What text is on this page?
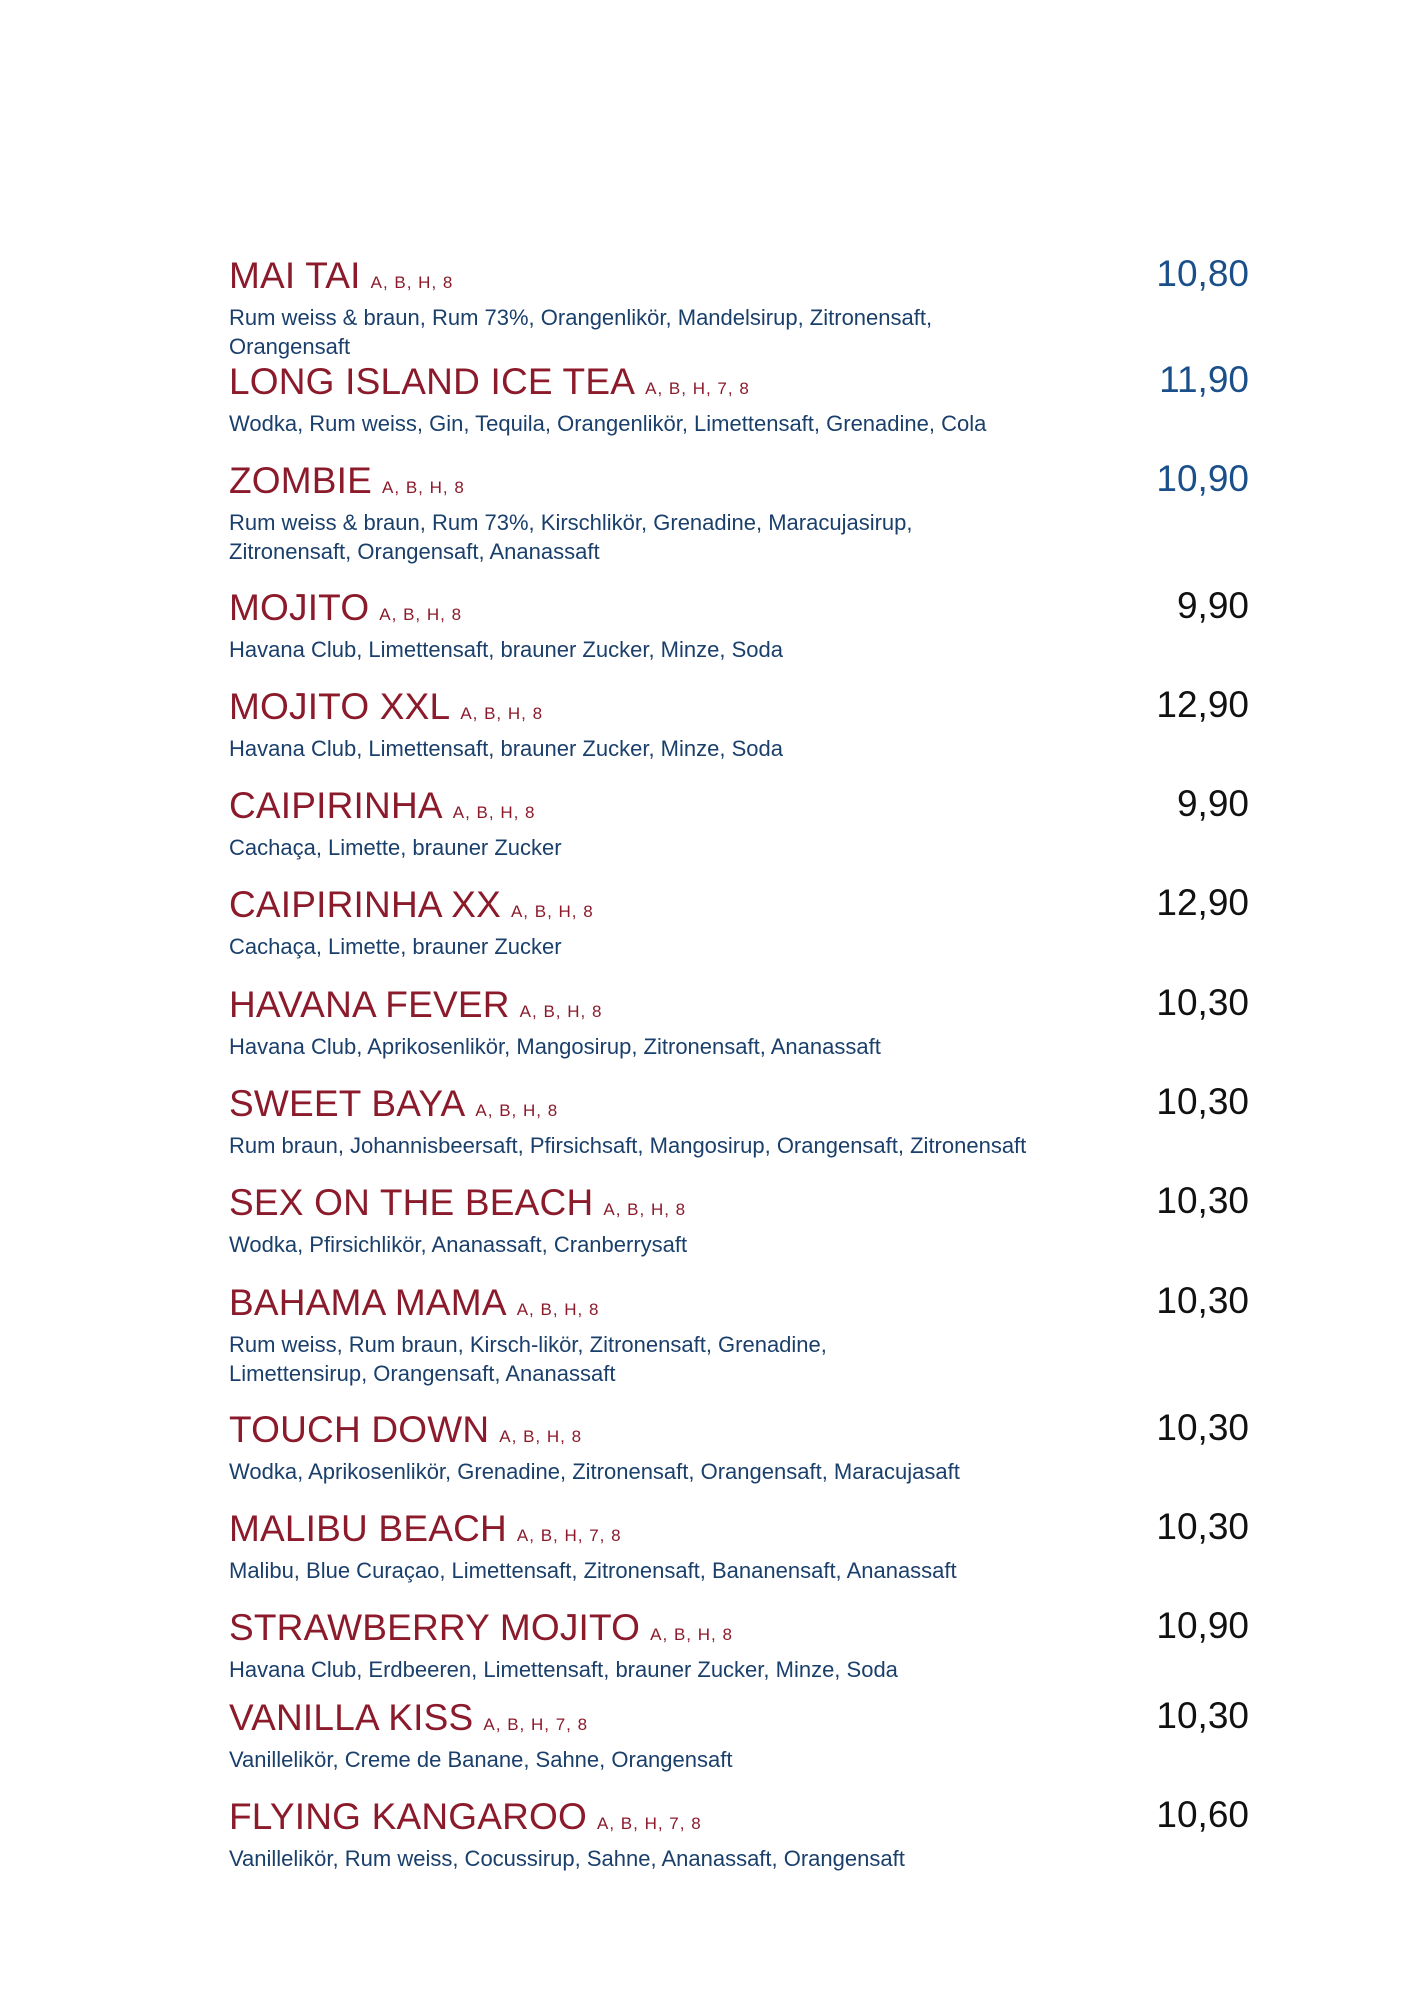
MAI TAI A, B, H, 8
Rum weiss & braun, Rum 73%, Orangenlikör, Mandelsirup, Zitronensaft, Orangensaft
10,80
LONG ISLAND ICE TEA A, B, H, 7, 8
Wodka, Rum weiss, Gin, Tequila, Orangenlikör, Limettensaft, Grenadine, Cola
11,90
ZOMBIE A, B, H, 8
Rum weiss & braun, Rum 73%, Kirschlikör, Grenadine, Maracujasirup, Zitronensaft, Orangensaft, Ananassaft
10,90
MOJITO A, B, H, 8
Havana Club, Limettensaft, brauner Zucker, Minze, Soda
9,90
MOJITO XXL A, B, H, 8
Havana Club, Limettensaft, brauner Zucker, Minze, Soda
12,90
CAIPIRINHA A, B, H, 8
Cachaça, Limette, brauner Zucker
9,90
CAIPIRINHA XX A, B, H, 8
Cachaça, Limette, brauner Zucker
12,90
HAVANA FEVER A, B, H, 8
Havana Club, Aprikosenlikör, Mangosirup, Zitronensaft, Ananassaft
10,30
SWEET BAYA A, B, H, 8
Rum braun, Johannisbeersaft, Pfirsichsaft, Mangosirup, Orangensaft, Zitronensaft
10,30
SEX ON THE BEACH A, B, H, 8
Wodka, Pfirsichlikör, Ananassaft, Cranberrysaft
10,30
BAHAMA MAMA A, B, H, 8
Rum weiss, Rum braun, Kirsch-likör, Zitronensaft, Grenadine, Limettensirup, Orangensaft, Ananassaft
10,30
TOUCH DOWN A, B, H, 8
Wodka, Aprikosenlikör, Grenadine, Zitronensaft, Orangensaft, Maracujasaft
10,30
MALIBU BEACH A, B, H, 7, 8
Malibu, Blue Curaçao, Limettensaft, Zitronensaft, Bananensaft, Ananassaft
10,30
STRAWBERRY MOJITO A, B, H, 8
Havana Club, Erdbeeren, Limettensaft, brauner Zucker, Minze, Soda
10,90
VANILLA KISS A, B, H, 7, 8
Vanillelikör, Creme de Banane, Sahne, Orangensaft
10,30
FLYING KANGAROO A, B, H, 7, 8
Vanillelikör, Rum weiss, Cocussirup, Sahne, Ananassaft, Orangensaft
10,60
